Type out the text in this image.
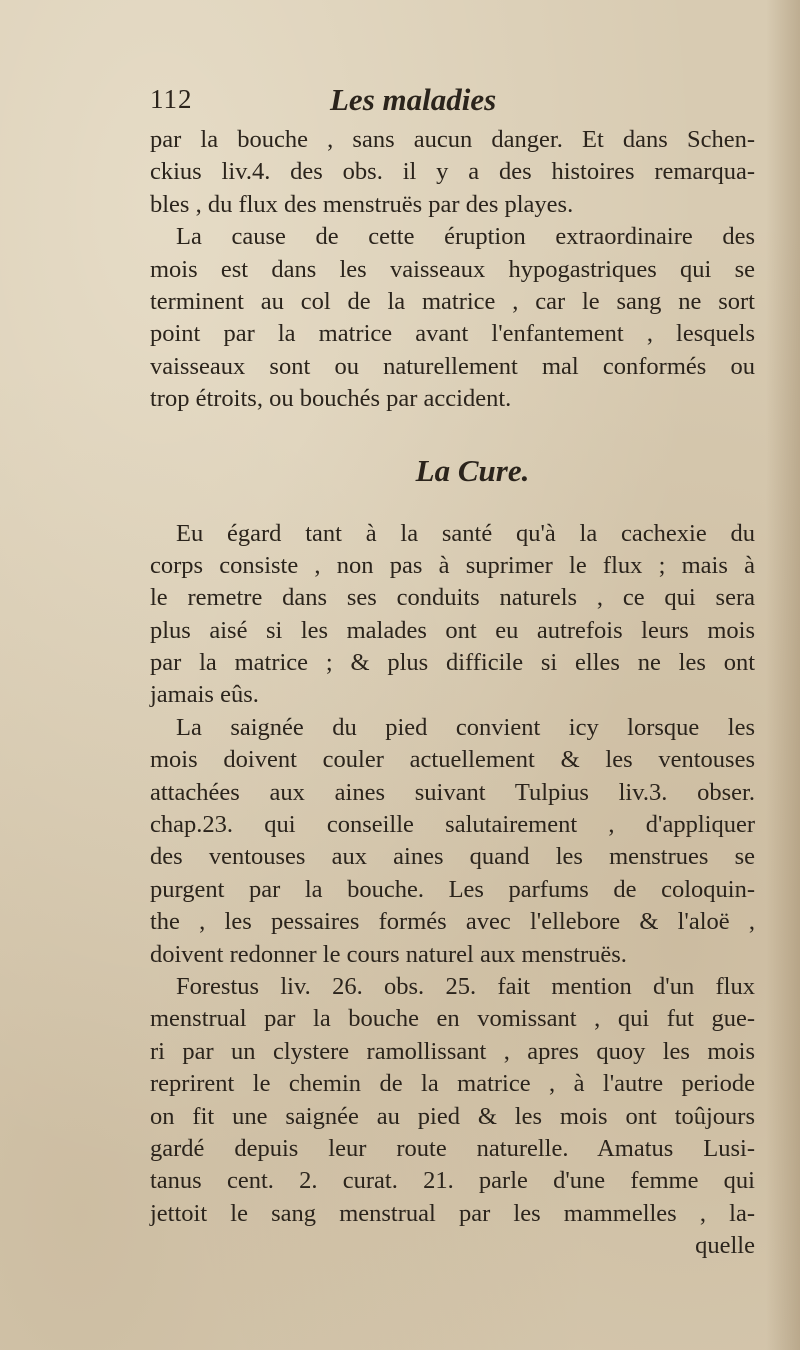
112	Les maladies
par la bouche , sans aucun danger. Et dans Schen-
ckius liv.4. des obs. il y a des histoires remarqua-
bles , du flux des menstruës par des playes.
La cause de cette éruption extraordinaire des
mois est dans les vaisseaux hypogastriques qui se
terminent au col de la matrice , car le sang ne sort
point par la matrice avant l'enfantement , lesquels
vaisseaux sont ou naturellement mal conformés ou
trop étroits, ou bouchés par accident.
La Cure.
Eu égard tant à la santé qu'à la cachexie du
corps consiste , non pas à suprimer le flux ; mais à
le remetre dans ses conduits naturels , ce qui sera
plus aisé si les malades ont eu autrefois leurs mois
par la matrice ; & plus difficile si elles ne les ont
jamais eûs.
La saignée du pied convient icy lorsque les
mois doivent couler actuellement & les ventouses
attachées aux aines suivant Tulpius liv.3. obser.
chap.23. qui conseille salutairement , d'appliquer
des ventouses aux aines quand les menstrues se
purgent par la bouche. Les parfums de coloquin-
the , les pessaires formés avec l'ellebore & l'aloë ,
doivent redonner le cours naturel aux menstruës.
Forestus liv. 26. obs. 25. fait mention d'un flux
menstrual par la bouche en vomissant , qui fut gue-
ri par un clystere ramollissant , apres quoy les mois
reprirent le chemin de la matrice , à l'autre periode
on fit une saignée au pied & les mois ont toûjours
gardé depuis leur route naturelle. Amatus Lusi-
tanus cent. 2. curat. 21. parle d'une femme qui
jettoit le sang menstrual par les mammelles , la-
quelle
